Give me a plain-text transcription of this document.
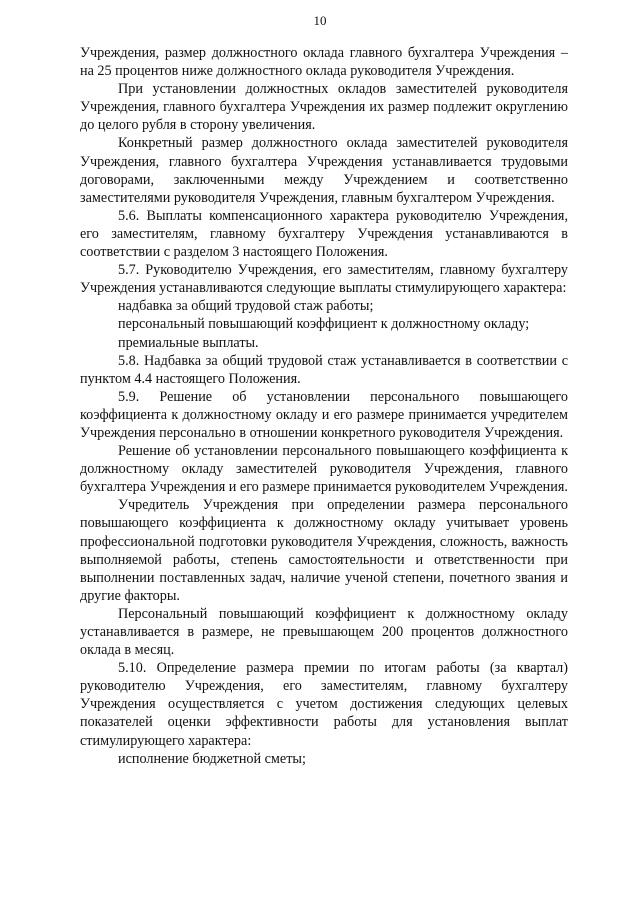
10

Учреждения, размер должностного оклада главного бухгалтера Учреждения – на 25 процентов ниже должностного оклада руководителя Учреждения.

При установлении должностных окладов заместителей руководителя Учреждения, главного бухгалтера Учреждения их размер подлежит округлению до целого рубля в сторону увеличения.

Конкретный размер должностного оклада заместителей руководителя Учреждения, главного бухгалтера Учреждения устанавливается трудовыми договорами, заключенными между Учреждением и соответственно заместителями руководителя Учреждения, главным бухгалтером Учреждения.

5.6. Выплаты компенсационного характера руководителю Учреждения, его заместителям, главному бухгалтеру Учреждения устанавливаются в соответствии с разделом 3 настоящего Положения.

5.7. Руководителю Учреждения, его заместителям, главному бухгалтеру Учреждения устанавливаются следующие выплаты стимулирующего характера:

надбавка за общий трудовой стаж работы;

персональный повышающий коэффициент к должностному окладу;

премиальные выплаты.

5.8. Надбавка за общий трудовой стаж устанавливается в соответствии с пунктом 4.4 настоящего Положения.

5.9. Решение об установлении персонального повышающего коэффициента к должностному окладу и его размере принимается учредителем Учреждения персонально в отношении конкретного руководителя Учреждения.

Решение об установлении персонального повышающего коэффициента к должностному окладу заместителей руководителя Учреждения, главного бухгалтера Учреждения и его размере принимается руководителем Учреждения.

Учредитель Учреждения при определении размера персонального повышающего коэффициента к должностному окладу учитывает уровень профессиональной подготовки руководителя Учреждения, сложность, важность выполняемой работы, степень самостоятельности и ответственности при выполнении поставленных задач, наличие ученой степени, почетного звания и другие факторы.

Персональный повышающий коэффициент к должностному окладу устанавливается в размере, не превышающем 200 процентов должностного оклада в месяц.

5.10. Определение размера премии по итогам работы (за квартал) руководителю Учреждения, его заместителям, главному бухгалтеру Учреждения осуществляется с учетом достижения следующих целевых показателей оценки эффективности работы для установления выплат стимулирующего характера:

исполнение бюджетной сметы;
